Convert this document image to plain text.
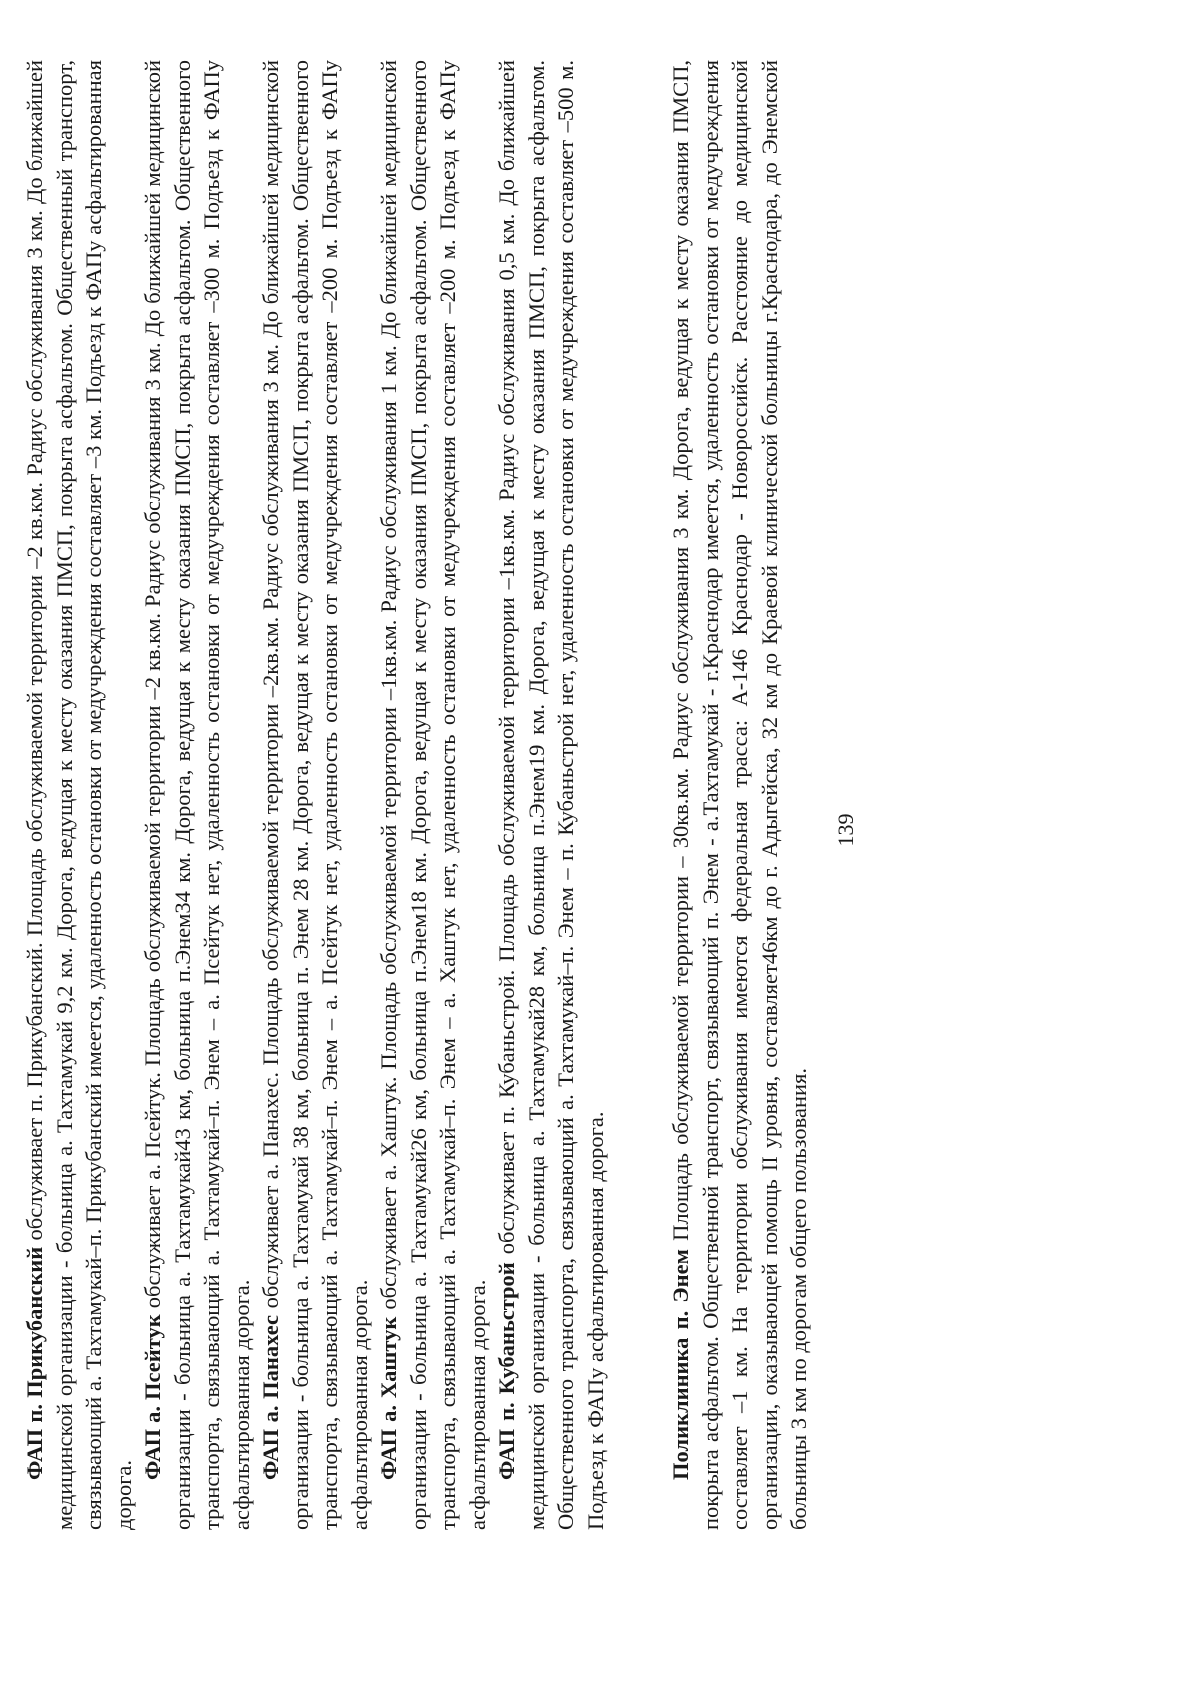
139

ФАП п. Прикубанский обслуживает п. Прикубанский. Площадь обслуживаемой территории –2 кв.км. Радиус обслуживания 3 км. До ближайшей медицинской организации - больница а. Тахтамукай 9,2 км. Дорога, ведущая к месту оказания ПМСП, покрыта асфальтом. Общественный транспорт, связывающий а. Тахтамукай–п. Прикубанский имеется, удаленность остановки от медучреждения составляет –3 км. Подъезд к ФАПу асфальтированная дорога.

ФАП а. Псейтук обслуживает а. Псейтук. Площадь обслуживаемой территории –2 кв.км. Радиус обслуживания 3 км. До ближайшей медицинской организации - больница а. Тахтамукай43 км, больница п.Энем34 км. Дорога, ведущая к месту оказания ПМСП, покрыта асфальтом. Общественного транспорта, связывающий а. Тахтамукай–п. Энем – а. Псейтук нет, удаленность остановки от медучреждения составляет –300 м. Подъезд к ФАПу асфальтированная дорога. ФАП а. Панахес обслуживает а. Панахес. Площадь обслуживаемой территории –2кв.км. Радиус обслуживания 3 км. До ближайшей медицинской организации - больница а. Тахтамукай 38 км, больница п. Энем 28 км. Дорога, ведущая к месту оказания ПМСП, покрыта асфальтом. Общественного транспорта, связывающий а. Тахтамукай–п. Энем – а. Псейтук нет, удаленность остановки от медучреждения составляет –200 м. Подъезд к ФАПу асфальтированная дорога. ФАП а. Хаштук обслуживает а. Хаштук. Площадь обслуживаемой территории –1кв.км. Радиус обслуживания 1 км. До ближайшей медицинской организации - больница а. Тахтамукай26 км, больница п.Энем18 км. Дорога, ведущая к месту оказания ПМСП, покрыта асфальтом. Общественного транспорта, связывающий а. Тахтамукай–п. Энем – а. Хаштук нет, удаленность остановки от медучреждения составляет –200 м. Подъезд к ФАПу асфальтированная дорога. ФАП п. Кубаньстрой обслуживает п. Кубаньстрой. Площадь обслуживаемой территории –1кв.км. Радиус обслуживания 0,5 км. До ближайшей медицинской организации - больница а. Тахтамукай28 км, больница п.Энем19 км. Дорога, ведущая к месту оказания ПМСП, покрыта асфальтом. Общественного транспорта, связывающий а. Тахтамукай–п. Энем – п. Кубаньстрой нет, удаленность остановки от медучреждения составляет –500 м. Подъезд к ФАПу асфальтированная дорога.	Поликлиника п. Энем Площадь обслуживаемой территории – 30кв.км. Радиус обслуживания 3 км. Дорога, ведущая к месту оказания ПМСП, покрыта асфальтом. Общественной транспорт, связывающий п. Энем - а.Тахтамукай - г.Краснодар имеется, удаленность остановки от медучреждения составляет –1 км. На территории обслуживания имеются федеральная трасса: А-146 Краснодар - Новороссийск. Расстояние до медицинской организации, оказывающей помощь II уровня, составляет46км до г. Адыгейска, 32 км до Краевой клинической больницы г.Краснодара, до Энемской больницы 3 км по дорогам общего пользования.
